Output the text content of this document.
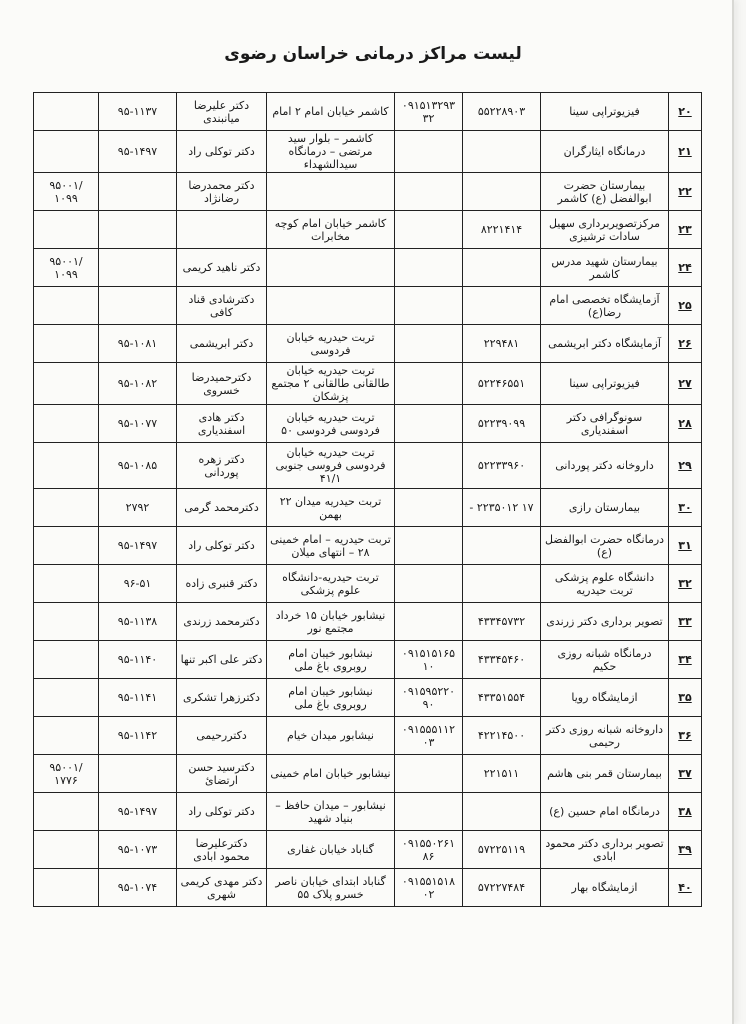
لیست مراکز درمانی خراسان رضوی
۲۰	فیزیوتراپی سینا	۵۵۲۲۸۹۰۳	۰۹۱۵۱۳۲۹۳ ۳۲	کاشمر خیابان امام ۲ امام	دکتر علیرضا میانبندی	۹۵-۱۱۳۷	
۲۱	درمانگاه ایثارگران			کاشمر – بلوار سید مرتضی – درمانگاه سیدالشهداء	دکتر توکلی راد	۹۵-۱۴۹۷	
۲۲	بیمارستان حضرت ابوالفضل (ع) کاشمر				دکتر محمدرضا رضانژاد		۹۵۰۰۱/ ۱۰۹۹
۲۳	مرکزتصویربرداری سهیل سادات ترشیزی	۸۲۲۱۴۱۴		کاشمر خیابان امام کوچه مخابرات			
۲۴	بیمارستان شهید مدرس کاشمر				دکتر ناهید کریمی		۹۵۰۰۱/ ۱۰۹۹
۲۵	آزمایشگاه تخصصی امام رضا(ع)				دکترشادی قناد کافی		
۲۶	آزمایشگاه دکتر ابریشمی	۲۲۹۴۸۱		تربت حیدریه خیابان فردوسی	دکتر ابریشمی	۹۵-۱۰۸۱	
۲۷	فیزیوتراپی سینا	۵۲۲۴۶۵۵۱		تربت حیدریه خیابان طالقانی طالقانی ۲ مجتمع پزشکان	دکترحمیدرضا خسروی	۹۵-۱۰۸۲	
۲۸	سونوگرافی دکتر اسفندیاری	۵۲۲۳۹۰۹۹		تربت حیدریه خیابان فردوسی فردوسی ۵۰	دکتر هادی اسفندیاری	۹۵-۱۰۷۷	
۲۹	داروخانه دکتر پوردانی	۵۲۲۳۳۹۶۰		تربت حیدریه خیابان فردوسی فروسی جنوبی ۴۱/۱	دکتر زهره پوردانی	۹۵-۱۰۸۵	
۳۰	بیمارستان رازی	- ۲۲۳۵۰۱۲ ۱۷		تربت حیدریه میدان ۲۲ بهمن	دکترمحمد گرمی	۲۷۹۲	
۳۱	درمانگاه حضرت ابوالفضل (ع)			تربت حیدریه – امام خمینی ۲۸ – انتهای میلان	دکتر توکلی راد	۹۵-۱۴۹۷	
۳۲	دانشگاه علوم پزشکی تربت حیدریه			تربت حیدریه-دانشگاه علوم پزشکی	دکتر قنبری زاده	۹۶-۵۱	
۳۳	تصویر برداری دکتر زرندی	۴۳۳۴۵۷۳۲		نیشابور خیابان ۱۵ خرداد مجتمع نور	دکترمحمد زرندی	۹۵-۱۱۳۸	
۳۴	درمانگاه شبانه روزی حکیم	۴۳۳۴۵۴۶۰	۰۹۱۵۱۵۱۶۵ ۱۰	نیشابور خیبان امام روبروی باغ ملی	دکتر علی اکبر تنها	۹۵-۱۱۴۰	
۳۵	ازمایشگاه رویا	۴۳۳۵۱۵۵۴	۰۹۱۵۹۵۲۲۰ ۹۰	نیشابور خیبان امام روبروی باغ ملی	دکترزهرا تشکری	۹۵-۱۱۴۱	
۳۶	داروخانه شبانه روزی دکتر رحیمی	۴۲۲۱۴۵۰۰	۰۹۱۵۵۵۱۱۲ ۰۳	نیشابور میدان خیام	دکتررحیمی	۹۵-۱۱۴۲	
۳۷	بیمارستان قمر بنی هاشم	۲۲۱۵۱۱		نیشابور خیابان امام خمینی	دکترسید حسن ارتضائ		۹۵۰۰۱/ ۱۷۷۶
۳۸	درمانگاه امام حسین (ع)			نیشابور – میدان حافظ – بنیاد شهید	دکتر توکلی راد	۹۵-۱۴۹۷	
۳۹	تصویر برداری دکتر محمود ابادی	۵۷۲۲۵۱۱۹	۰۹۱۵۵۰۲۶۱ ۸۶	گناباد خیابان غفاری	دکترعلیرضا محمود ابادی	۹۵-۱۰۷۳	
۴۰	ازمایشگاه بهار	۵۷۲۲۷۴۸۴	۰۹۱۵۵۱۵۱۸ ۰۲	گناباد ابتدای خیابان ناصر خسرو پلاک ۵۵	دکتر مهدی کریمی شهری	۹۵-۱۰۷۴	
